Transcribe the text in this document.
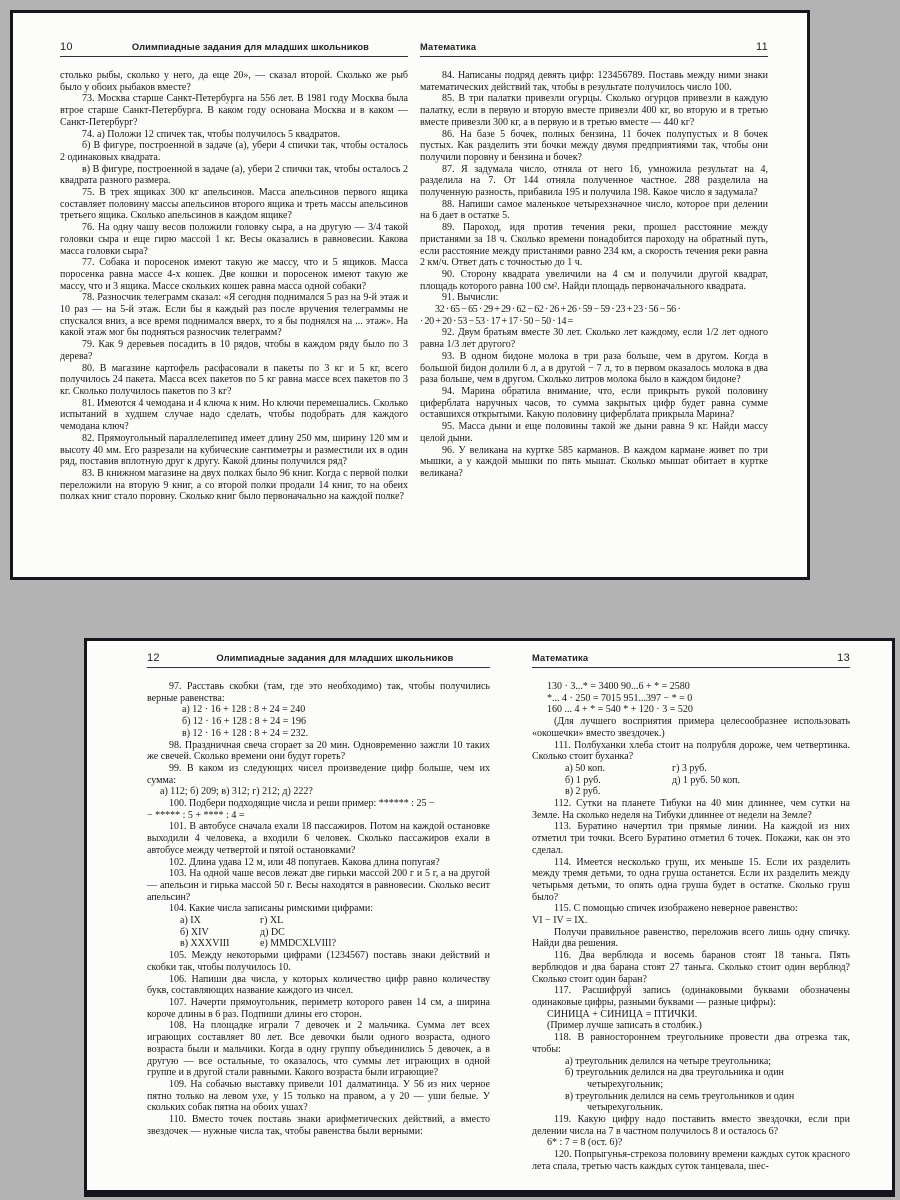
10	Олимпиадные задания для младших школьников

столько рыбы, сколько у него, да еще 20», — сказал второй. Сколько же рыб было у обоих рыбаков вместе?

73. Москва старше Санкт-Петербурга на 556 лет. В 1981 году Москва была втрое старше Санкт-Петербурга. В каком году основана Москва и в каком — Санкт-Петербург?

74. а) Положи 12 спичек так, чтобы получилось 5 квадратов.

б) В фигуре, построенной в задаче (а), убери 4 спички так, чтобы осталось 2 одинаковых квадрата.

в) В фигуре, построенной в задаче (а), убери 2 спички так, чтобы осталось 2 квадрата разного размера.

75. В трех ящиках 300 кг апельсинов. Масса апельсинов первого ящика составляет половину массы апельсинов второго ящика и треть массы апельсинов третьего ящика. Сколько апельсинов в каждом ящике?

76. На одну чашу весов положили головку сыра, а на другую — 3/4 такой головки сыра и еще гирю массой 1 кг. Весы оказались в равновесии. Какова масса головки сыра?

77. Собака и поросенок имеют такую же массу, что и 5 ящиков. Масса поросенка равна массе 4-х кошек. Две кошки и поросенок имеют такую же массу, что и 3 ящика. Массе скольких кошек равна масса одной собаки?

78. Разносчик телеграмм сказал: «Я сегодня поднимался 5 раз на 9-й этаж и 10 раз — на 5-й этаж. Если бы я каждый раз после вручения телеграммы не спускался вниз, а все время поднимался вверх, то я бы поднялся на ... этаж». На какой этаж мог бы подняться разносчик телеграмм?

79. Как 9 деревьев посадить в 10 рядов, чтобы в каждом ряду было по 3 дерева?

80. В магазине картофель расфасовали в пакеты по 3 кг и 5 кг, всего получилось 24 пакета. Масса всех пакетов по 5 кг равна массе всех пакетов по 3 кг. Сколько получилось пакетов по 3 кг?

81. Имеются 4 чемодана и 4 ключа к ним. Но ключи перемешались. Сколько испытаний в худшем случае надо сделать, чтобы подобрать для каждого чемодана ключ?

82. Прямоугольный параллелепипед имеет длину 250 мм, ширину 120 мм и высоту 40 мм. Его разрезали на кубические сантиметры и разместили их в один ряд, поставив вплотную друг к другу. Какой длины получился ряд?

83. В книжном магазине на двух полках было 96 книг. Когда с первой полки переложили на вторую 9 книг, а со второй полки продали 14 книг, то на обеих полках книг стало поровну. Сколько книг было первоначально на каждой полке?

Математика	11

84. Написаны подряд девять цифр: 123456789. Поставь между ними знаки математических действий так, чтобы в результате получилось число 100.

85. В три палатки привезли огурцы. Сколько огурцов привезли в каждую палатку, если в первую и вторую вместе привезли 400 кг, во вторую и в третью вместе привезли 300 кг, а в первую и в третью вместе — 440 кг?

86. На базе 5 бочек, полных бензина, 11 бочек полупустых и 8 бочек пустых. Как разделить эти бочки между двумя предприятиями так, чтобы они получили поровну и бензина и бочек?

87. Я задумала число, отняла от него 16, умножила результат на 4, разделила на 7. От 144 отняла полученное частное. 288 разделила на полученную разность, прибавила 195 и получила 198. Какое число я задумала?

88. Напиши самое маленькое четырехзначное число, которое при делении на 6 дает в остатке 5.

89. Пароход, идя против течения реки, прошел расстояние между пристанями за 18 ч. Сколько времени понадобится пароходу на обратный путь, если расстояние между пристанями равно 234 км, а скорость течения реки равна 2 км/ч. Ответ дать с точностью до 1 ч.

90. Сторону квадрата увеличили на 4 см и получили другой квадрат, площадь которого равна 100 см². Найди площадь первоначального квадрата.

91. Вычисли:

32 · 65 − 65 · 29 + 29 · 62 − 62 · 26 + 26 · 59 − 59 · 23 + 23 · 56 − 56 ·

· 20 + 20 · 53 − 53 · 17 + 17 · 50 − 50 · 14 =

92. Двум братьям вместе 30 лет. Сколько лет каждому, если 1/2 лет одного равна 1/3 лет другого?

93. В одном бидоне молока в три раза больше, чем в другом. Когда в большой бидон долили 6 л, а в другой − 7 л, то в первом оказалось молока в два раза больше, чем в другом. Сколько литров молока было в каждом бидоне?

94. Марина обратила внимание, что, если прикрыть рукой половину циферблата наручных часов, то сумма закрытых цифр будет равна сумме оставшихся открытыми. Какую половину циферблата прикрыла Марина?

95. Масса дыни и еще половины такой же дыни равна 9 кг. Найди массу целой дыни.

96. У великана на куртке 585 карманов. В каждом кармане живет по три мышки, а у каждой мышки по пять мышат. Сколько мышат обитает в куртке великана?

12	Олимпиадные задания для младших школьников

97. Расставь скобки (там, где это необходимо) так, чтобы получились верные равенства:

а) 12 · 16 + 128 : 8 + 24 = 240

б) 12 · 16 + 128 : 8 + 24 = 196

в) 12 · 16 + 128 : 8 + 24 = 232.

98. Праздничная свеча сгорает за 20 мин. Одновременно зажгли 10 таких же свечей. Сколько времени они будут гореть?

99. В каком из следующих чисел произведение цифр больше, чем их сумма:

а) 112; б) 209; в) 312; г) 212; д) 222?

100. Подбери подходящие числа и реши пример: ****** : 25 −

− ***** : 5 + **** : 4 =

101. В автобусе сначала ехали 18 пассажиров. Потом на каждой остановке выходили 4 человека, а входили 6 человек. Сколько пассажиров ехали в автобусе между четвертой и пятой остановками?

102. Длина удава 12 м, или 48 попугаев. Какова длина попугая?

103. На одной чаше весов лежат две гирьки массой 200 г и 5 г, а на другой — апельсин и гирька массой 50 г. Весы находятся в равновесии. Сколько весит апельсин?

104. Какие числа записаны римскими цифрами:

а) IX	г) XL
б) XIV	д) DC
в) XXXVIII	е) MMDCXLVIII?

105. Между некоторыми цифрами (1234567) поставь знаки действий и скобки так, чтобы получилось 10.

106. Напиши два числа, у которых количество цифр равно количеству букв, составляющих название каждого из чисел.

107. Начерти прямоугольник, периметр которого равен 14 см, а ширина короче длины в 6 раз. Подпиши длины его сторон.

108. На площадке играли 7 девочек и 2 мальчика. Сумма лет всех играющих составляет 80 лет. Все девочки были одного возраста, одного возраста были и мальчики. Когда в одну группу объединились 5 девочек, а в другую — все остальные, то оказалось, что суммы лет играющих в одной группе и в другой стали равными. Какого возраста были играющие?

109. На собачью выставку привели 101 далматинца. У 56 из них черное пятно только на левом ухе, у 15 только на правом, а у 20 — уши белые. У скольких собак пятна на обоих ушах?

110. Вместо точек поставь знаки арифметических действий, а вместо звездочек — нужные числа так, чтобы равенства были верными:

Математика	13

130 · 3...* = 3400 90...6 + * = 2580

*... 4 · 250 = 7015 951...397 − * = 0

160 ... 4 + * = 540 * + 120 · 3 = 520

(Для лучшего восприятия примера целесообразнее использовать «окошечки» вместо звездочек.)

111. Полбуханки хлеба стоит на полрубля дороже, чем четвертинка. Сколько стоит буханка?

а) 50 коп.	г) 3 руб.
б) 1 руб.	д) 1 руб. 50 коп.
в) 2 руб.

112. Сутки на планете Тибуки на 40 мин длиннее, чем сутки на Земле. На сколько неделя на Тибуки длиннее от недели на Земле?

113. Буратино начертил три прямые линии. На каждой из них отметил три точки. Всего Буратино отметил 6 точек. Покажи, как он это сделал.

114. Имеется несколько груш, их меньше 15. Если их разделить между тремя детьми, то одна груша останется. Если их разделить между четырьмя детьми, то опять одна груша будет в остатке. Сколько груш было?

115. С помощью спичек изображено неверное равенство:

VI − IV = IX.

Получи правильное равенство, переложив всего лишь одну спичку. Найди два решения.

116. Два верблюда и восемь баранов стоят 18 таньга. Пять верблюдов и два барана стоят 27 таньга. Сколько стоит один верблюд? Сколько стоит один баран?

117. Расшифруй запись (одинаковыми буквами обозначены одинаковые цифры, разными буквами — разные цифры):

СИНИЦА + СИНИЦА = ПТИЧКИ.

(Пример лучше записать в столбик.)

118. В равностороннем треугольнике провести два отрезка так, чтобы:

а) треугольник делился на четыре треугольника;

б) треугольник делился на два треугольника и один четырехугольник;

в) треугольник делился на семь треугольников и один четырехугольник.

119. Какую цифру надо поставить вместо звездочки, если при делении числа на 7 в частном получилось 8 и осталось 6?

6* : 7 = 8 (ост. 6)?

120. Попрыгунья-стрекоза половину времени каждых суток красного лета спала, третью часть каждых суток танцевала, шес-
